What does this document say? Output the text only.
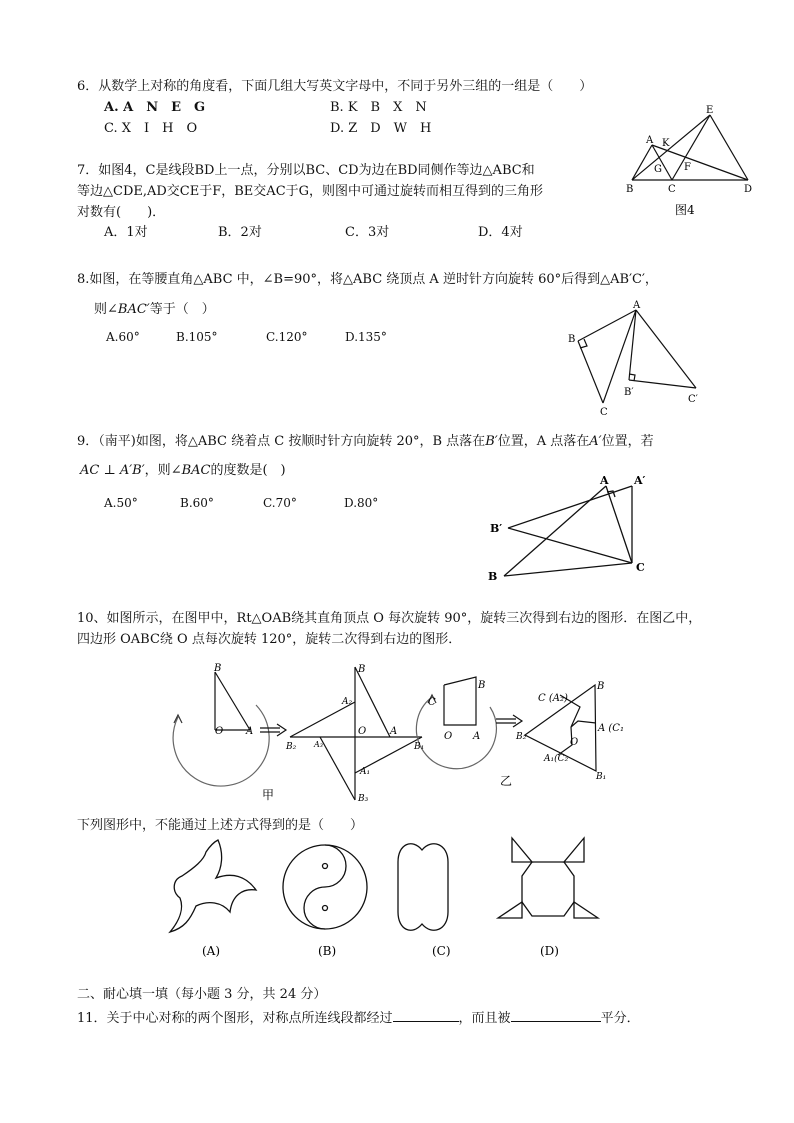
6．从数学上对称的角度看，下面几组大写英文字母中，不同于另外三组的一组是（　　）
A. A　N　E　G	B. K　B　X　N
C. X　I　H　O	D. Z　D　W　H
7．如图4，C是线段BD上一点，分别以BC、CD为边在BD同侧作等边△ABC和
等边△CDE,AD交CE于F，BE交AC于G，则图中可通过旋转而相互得到的三角形
对数有(　　)．
A．1对	B．2对	C．3对	D．4对
E
A K
G F
B	C	D
图4
8.如图，在等腰直角△ABC 中，∠B=90°，将△ABC 绕顶点 A 逆时针方向旋转 60°后得到△AB′C′，
则∠BAC′等于（　）
A.60°	B.105°	C.120°	D.135°
A
B
C
B′
C′
9．（南平)如图，将△ABC 绕着点 C 按顺时针方向旋转 20°，B 点落在B′位置，A 点落在A′位置，若
AC ⊥ A′B′，则∠BAC的度数是(　)
A.50°	B.60°	C.70°	D.80°
A A′
B′
B
C
10、如图所示，在图甲中，Rt△OAB绕其直角顶点 O 每次旋转 90°，旋转三次得到右边的图形．在图乙中，
四边形 OABC绕 O 点每次旋转 120°，旋转二次得到右边的图形．
B
O A
B
A₂
O A
B₂ A₃	B₁
A₁
B₃
C
B
O A
C (A₂)
B
A (C₁
B₂	O
A₁(C₂
B₁
甲
乙
下列图形中，不能通过上述方式得到的是（　　）
(A)	(B)	(C)	(D)
二、耐心填一填（每小题 3 分，共 24 分）
11．关于中心对称的两个图形，对称点所连线段都经过	，而且被	平分．
